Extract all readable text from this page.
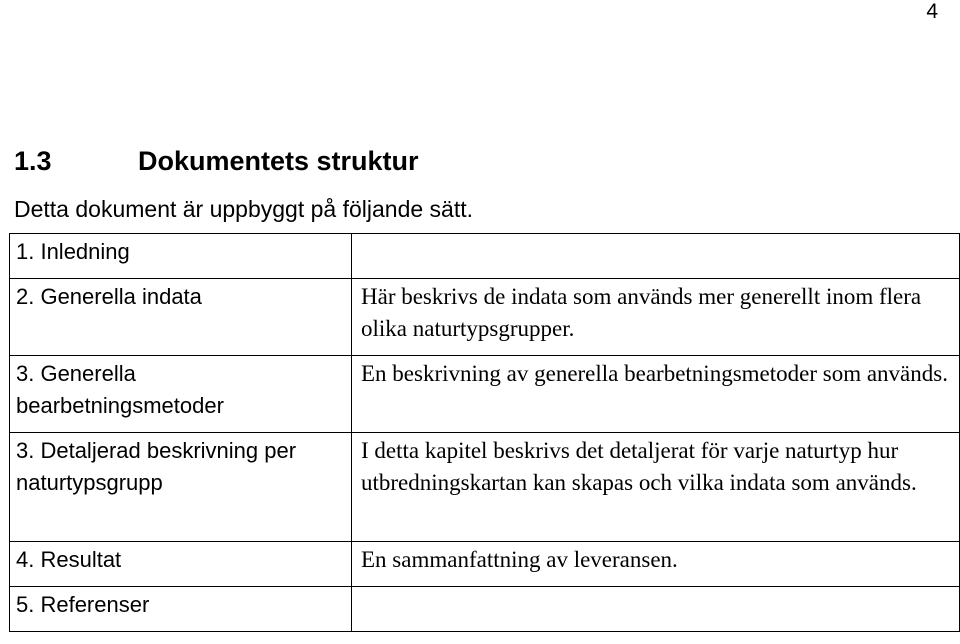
4
1.3	Dokumentets struktur
Detta dokument är uppbyggt på följande sätt.
1. Inledning	
2. Generella indata	Här beskrivs de indata som används mer generellt inom flera olika naturtypsgrupper.
3. Generella bearbetningsmetoder	En beskrivning av generella bearbetningsmetoder som används.
3. Detaljerad beskrivning per naturtypsgrupp	I detta kapitel beskrivs det detaljerat för varje naturtyp hur utbredningskartan kan skapas och vilka indata som används.
4. Resultat	En sammanfattning av leveransen.
5. Referenser	
